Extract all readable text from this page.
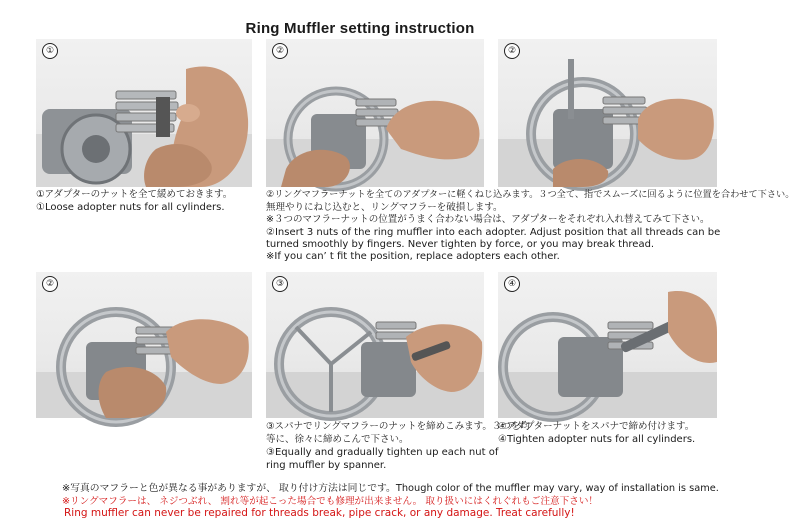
Ring Muffler setting instruction
①	②	②
①アダプターのナットを全て緩めておきます。
①Loose adopter nuts for all cylinders.
②リングマフラーナットを全てのアダプターに軽くねじ込みます。３つ全て、指でスムーズに回るように位置を合わせて下さい。
無理やりにねじ込むと、リングマフラーを破損します。
※３つのマフラーナットの位置がうまく合わない場合は、アダプターをそれぞれ入れ替えてみて下さい。
②Insert 3 nuts of the ring muffler into each adopter. Adjust position that all threads can be
turned smoothly by fingers. Never tighten by force, or you may break thread.
※If you can’ t fit the position, replace adopters each other.
②	③	④
③スパナでリングマフラーのナットを締めこみます。３つを均
等に、徐々に締めこんで下さい。
③Equally and gradually tighten up each nut of
ring muffler by spanner.
④アダプターナットをスパナで締め付けます。
④Tighten adopter nuts for all cylinders.
※写真のマフラーと色が異なる事がありますが、 取り付け方法は同じです。Though color of the muffler may vary, way of installation is same.
※リングマフラーは、 ネジつぶれ、 割れ等が起こった場合でも修理が出来ません。 取り扱いにはくれぐれもご注意下さい！
Ring muffler can never be repaired for threads break, pipe crack, or any damage. Treat carefully!
